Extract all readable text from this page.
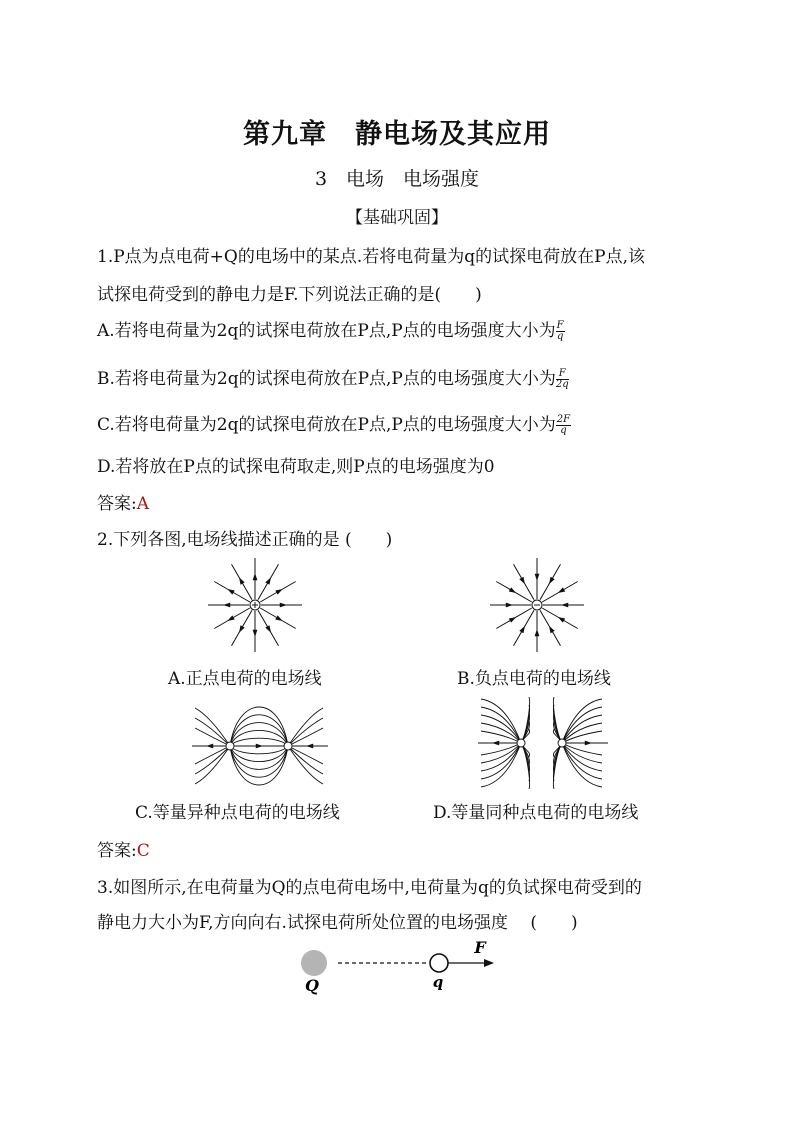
第九章　静电场及其应用
3　电场　电场强度
【基础巩固】
1.P点为点电荷+Q的电场中的某点.若将电荷量为q的试探电荷放在P点,该
试探电荷受到的静电力是F.下列说法正确的是(　　)
A.若将电荷量为2q的试探电荷放在P点,P点的电场强度大小为 $\frac{F}{q}$
B.若将电荷量为2q的试探电荷放在P点,P点的电场强度大小为 $\frac{F}{2q}$
C.若将电荷量为2q的试探电荷放在P点,P点的电场强度大小为 $\frac{2F}{q}$
D.若将放在P点的试探电荷取走,则P点的电场强度为0
答案:A
2.下列各图,电场线描述正确的是 (　　)
A.正点电荷的电场线	B.负点电荷的电场线
C.等量异种点电荷的电场线	D.等量同种点电荷的电场线
答案:C
3.如图所示,在电荷量为Q的点电荷电场中,电荷量为q的负试探电荷受到的
静电力大小为F,方向向右.试探电荷所处位置的电场强度　 (　　)
Q	q
F
